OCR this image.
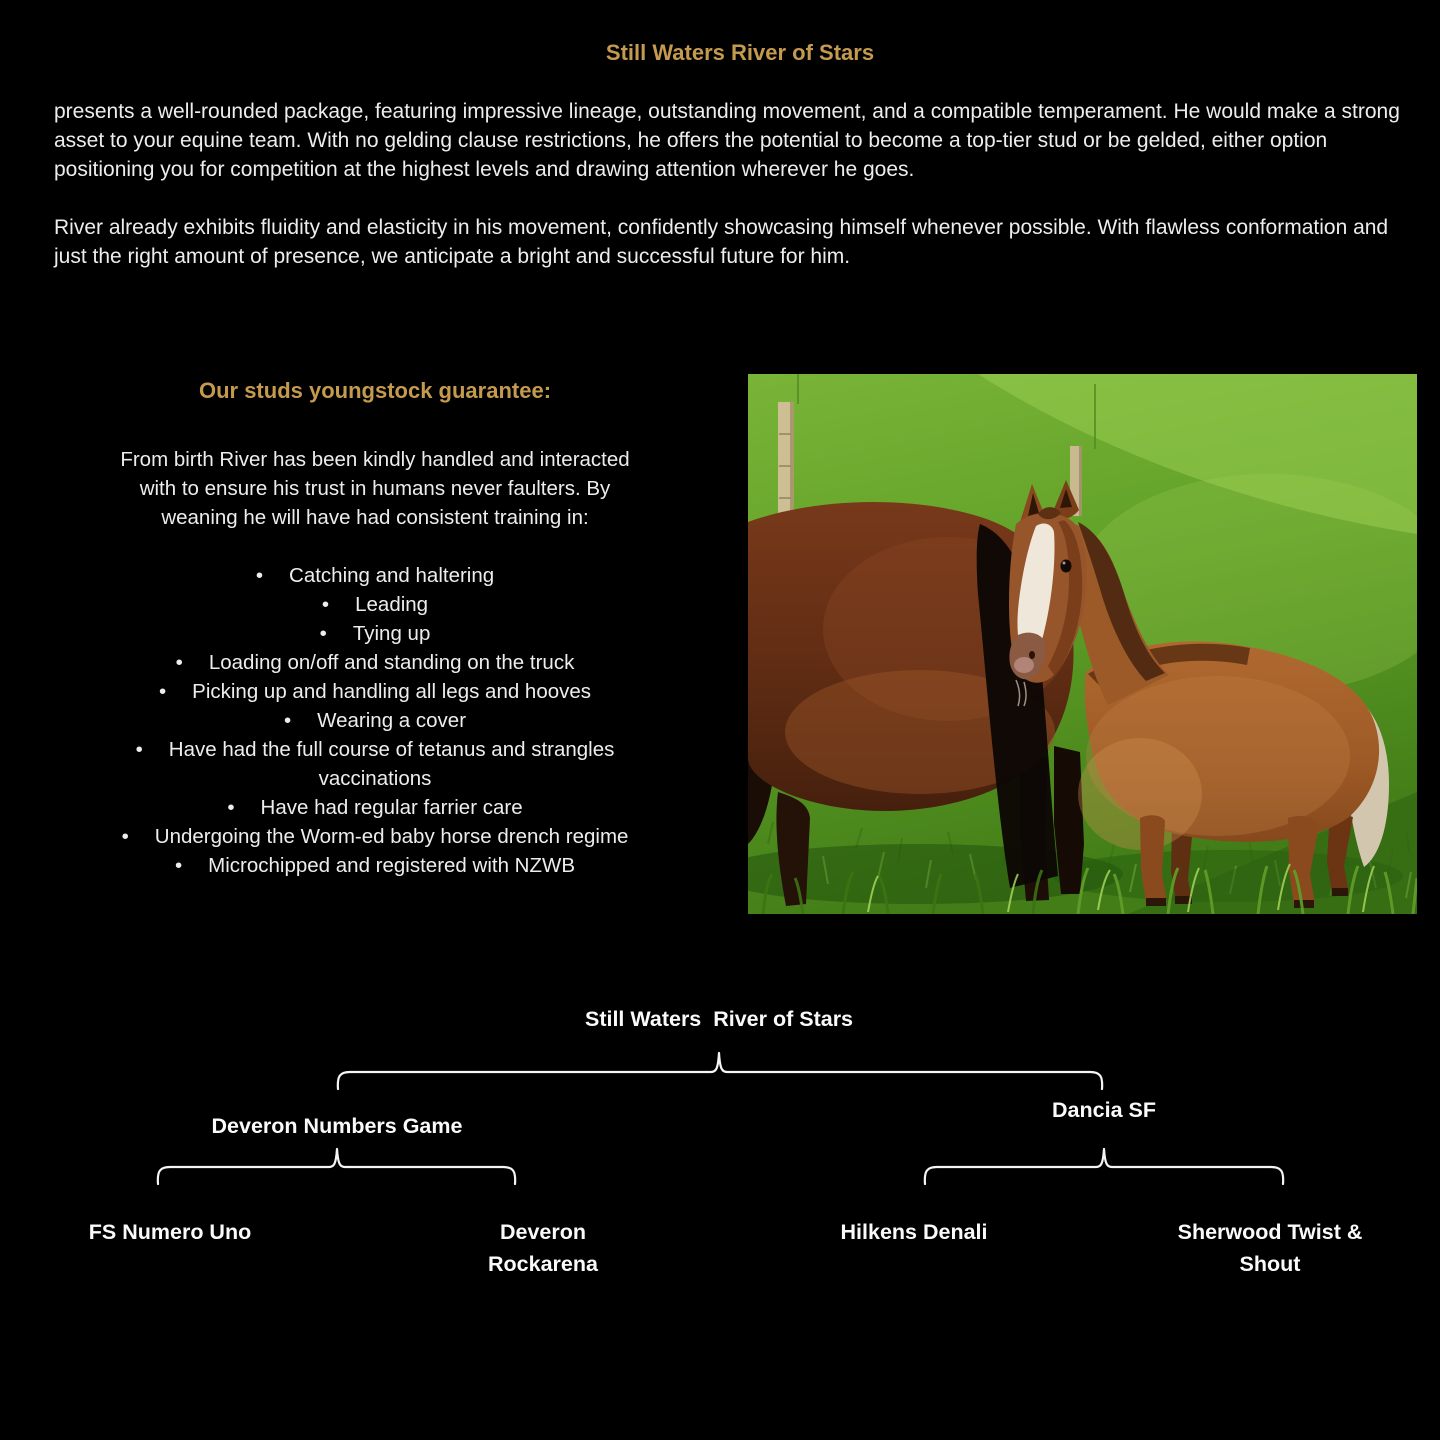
Still Waters River of Stars

presents a well-rounded package, featuring impressive lineage, outstanding movement, and a compatible temperament. He would make a strong asset to your equine team. With no gelding clause restrictions, he offers the potential to become a top-tier stud or be gelded, either option positioning you for competition at the highest levels and drawing attention wherever he goes.

River already exhibits fluidity and elasticity in his movement, confidently showcasing himself whenever possible. With flawless conformation and just the right amount of presence, we anticipate a bright and successful future for him.

Our studs youngstock guarantee:

From birth River has been kindly handled and interacted with to ensure his trust in humans never faulters. By weaning he will have had consistent training in:

• Catching and haltering
• Leading
• Tying up
• Loading on/off and standing on the truck
• Picking up and handling all legs and hooves
• Wearing a cover
• Have had the full course of tetanus and strangles vaccinations
• Have had regular farrier care
• Undergoing the Worm-ed baby horse drench regime
• Microchipped and registered with NZWB
Still Waters  River of Stars
Deveron Numbers Game
Dancia SF
FS Numero Uno	Deveron Rockarena
Hilkens Denali	Sherwood Twist & Shout
